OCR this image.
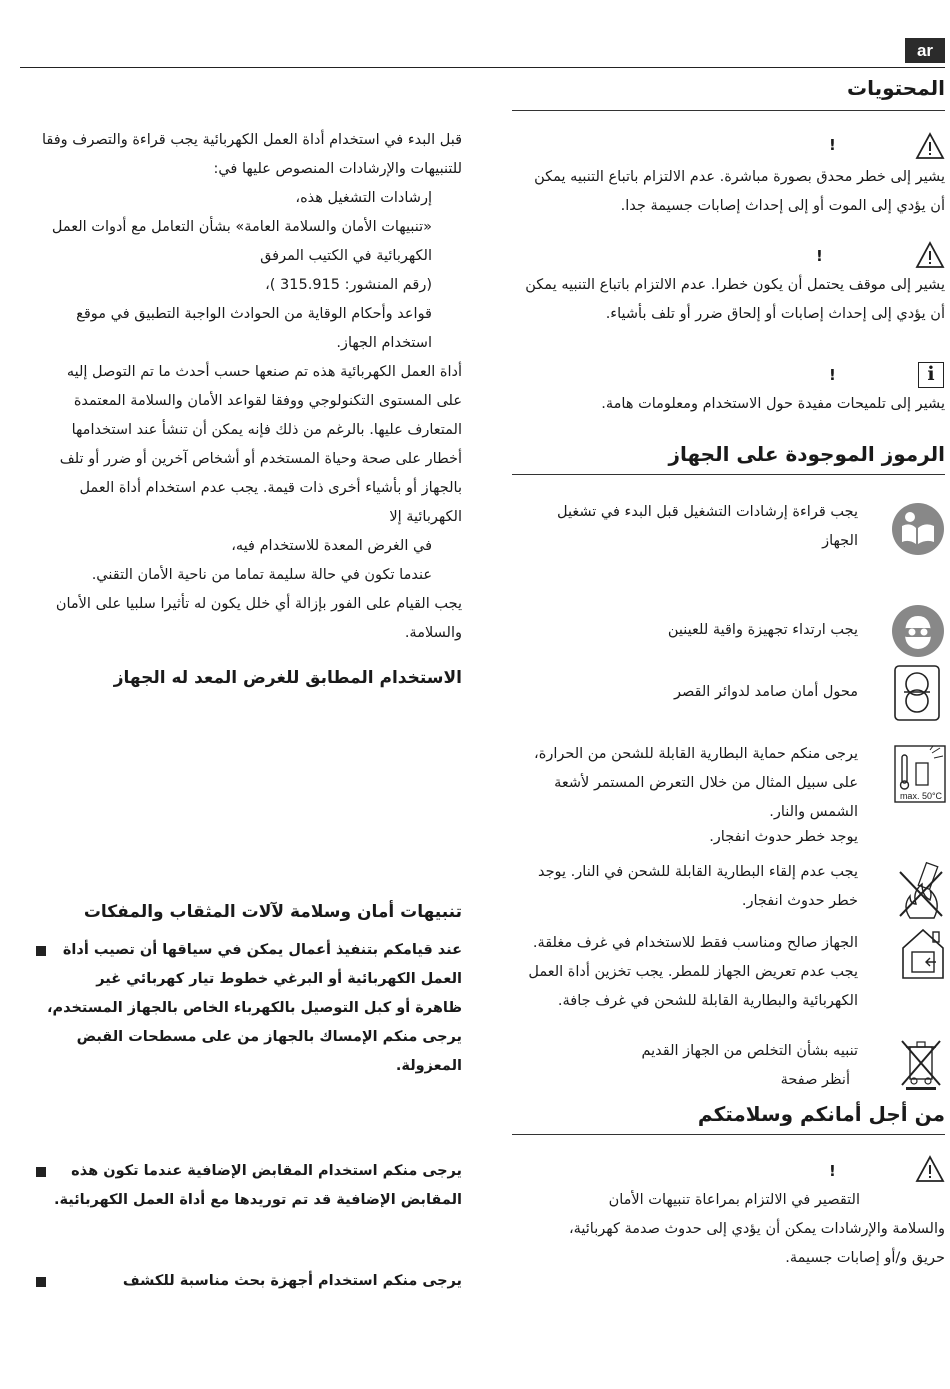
ar
المحتويات
!
يشير إلى خطر محدق بصورة مباشرة. عدم الالتزام باتباع التنبيه يمكن أن يؤدي إلى الموت أو إلى إحداث إصابات جسيمة جدا.
!
يشير إلى موقف يحتمل أن يكون خطرا. عدم الالتزام باتباع التنبيه يمكن أن يؤدي إلى إحداث إصابات أو إلحاق ضرر أو تلف بأشياء.
i
!
يشير إلى تلميحات مفيدة حول الاستخدام ومعلومات هامة.
الرموز الموجودة على الجهاز
يجب قراءة إرشادات التشغيل قبل البدء في تشغيل الجهاز
يجب ارتداء تجهيزة واقية للعينين
محول أمان صامد لدوائر القصر
max. 50°C
يرجى منكم حماية البطارية القابلة للشحن من الحرارة، على سبيل المثال من خلال التعرض المستمر لأشعة الشمس والنار.
يوجد خطر حدوث انفجار.
يجب عدم إلقاء البطارية القابلة للشحن في النار. يوجد خطر حدوث انفجار.
الجهاز صالح ومناسب فقط للاستخدام في غرف مغلقة. يجب عدم تعريض الجهاز للمطر. يجب تخزين أداة العمل الكهربائية والبطارية القابلة للشحن في غرف جافة.
تنبيه بشأن التخلص من الجهاز القديم
أنظر صفحة
من أجل أمانكم وسلامتكم
!
التقصير في الالتزام بمراعاة تنبيهات الأمان والسلامة والإرشادات يمكن أن يؤدي إلى حدوث صدمة كهربائية، حريق و/أو إصابات جسيمة.

قبل البدء في استخدام أداة العمل الكهربائية يجب قراءة والتصرف وفقا للتنبيهات والإرشادات المنصوص عليها في:

إرشادات التشغيل هذه،

«تنبيهات الأمان والسلامة العامة» بشأن التعامل مع أدوات العمل الكهربائية في الكتيب المرفق

(رقم المنشور: 315.915 )،

قواعد وأحكام الوقاية من الحوادث الواجبة التطبيق في موقع استخدام الجهاز.

أداة العمل الكهربائية هذه تم صنعها حسب أحدث ما تم التوصل إليه على المستوى التكنولوجي ووفقا لقواعد الأمان والسلامة المعتمدة المتعارف عليها. بالرغم من ذلك فإنه يمكن أن تنشأ عند استخدامها أخطار على صحة وحياة المستخدم أو أشخاص آخرين أو ضرر أو تلف بالجهاز أو بأشياء أخرى ذات قيمة. يجب عدم استخدام أداة العمل الكهربائية إلا

في الغرض المعدة للاستخدام فيه،

عندما تكون في حالة سليمة تماما من ناحية الأمان التقني.

يجب القيام على الفور بإزالة أي خلل يكون له تأثيرا سلبيا على الأمان والسلامة.

الاستخدام المطابق للغرض المعد له الجهاز
تنبيهات أمان وسلامة لآلات المثقاب والمفكات
عند قيامكم بتنفيذ أعمال يمكن في سياقها أن تصيب أداة العمل الكهربائية أو البرغي خطوط تيار كهربائي غير ظاهرة أو كبل التوصيل بالكهرباء الخاص بالجهاز المستخدم، يرجى منكم الإمساك بالجهاز من على مسطحات القبض المعزولة.
يرجى منكم استخدام المقابض الإضافية عندما تكون هذه المقابض الإضافية قد تم توريدها مع أداة العمل الكهربائية.
يرجى منكم استخدام أجهزة بحث مناسبة للكشف
